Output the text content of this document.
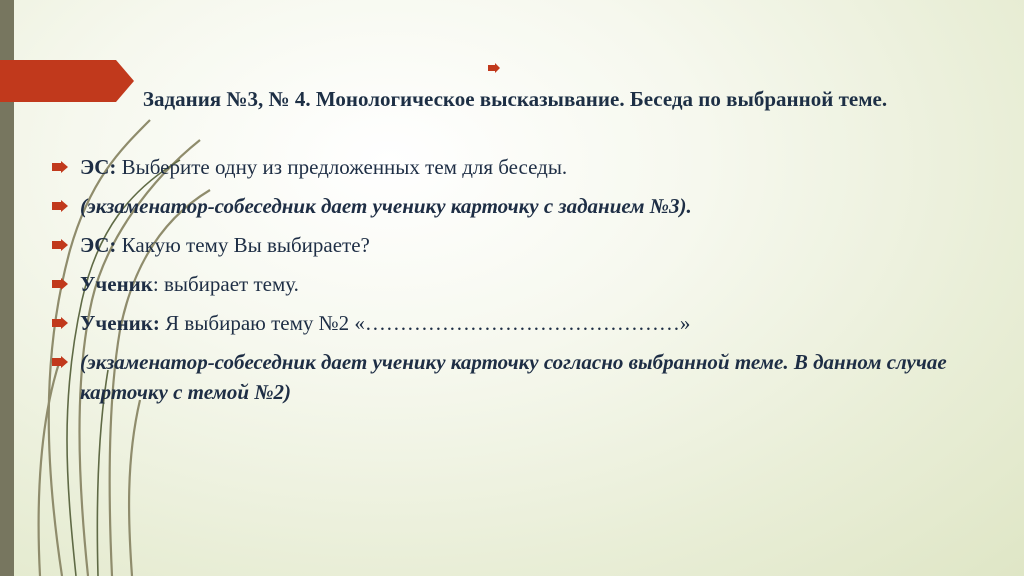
Задания №3, № 4. Монологическое высказывание. Беседа по выбранной теме.
ЭС: Выберите одну из предложенных тем для беседы.
(экзаменатор-собеседник дает ученику карточку с заданием №3).
ЭС: Какую тему Вы выбираете?
Ученик: выбирает тему.
Ученик: Я выбираю тему №2 «………………………………………»
(экзаменатор-собеседник дает ученику карточку согласно выбранной теме. В данном случае карточку с темой №2)
